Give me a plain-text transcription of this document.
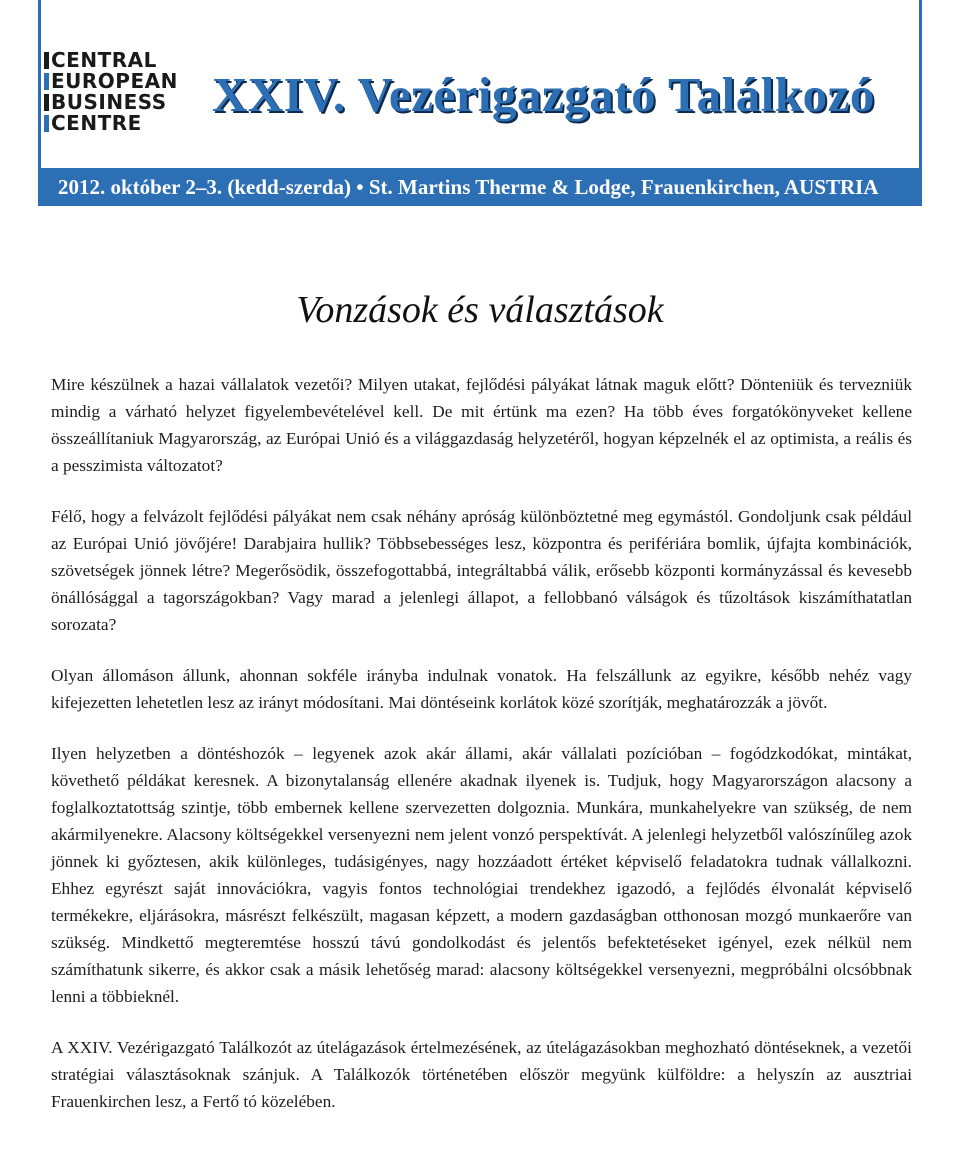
CENTRAL
EUROPEAN
BUSINESS
CENTRE
XXIV. Vezérigazgató Találkozó
2012. október 2–3. (kedd-szerda) • St. Martins Therme & Lodge, Frauenkirchen, AUSTRIA
Vonzások és választások

Mire készülnek a hazai vállalatok vezetői? Milyen utakat, fejlődési pályákat látnak maguk előtt? Dönteniük és tervezniük mindig a várható helyzet figyelembevételével kell. De mit értünk ma ezen? Ha több éves forgatókönyveket kellene összeállítaniuk Magyarország, az Európai Unió és a világgazdaság helyzetéről, hogyan képzelnék el az optimista, a reális és a pesszimista változatot?

Félő, hogy a felvázolt fejlődési pályákat nem csak néhány apróság különböztetné meg egymástól. Gondoljunk csak például az Európai Unió jövőjére! Darabjaira hullik? Többsebességes lesz, központra és perifériára bomlik, újfajta kombinációk, szövetségek jönnek létre? Megerősödik, összefogottabbá, integráltabbá válik, erősebb központi kormányzással és kevesebb önállósággal a tagországokban? Vagy marad a jelenlegi állapot, a fellobbanó válságok és tűzoltások kiszámíthatatlan sorozata?

Olyan állomáson állunk, ahonnan sokféle irányba indulnak vonatok. Ha felszállunk az egyikre, később nehéz vagy kifejezetten lehetetlen lesz az irányt módosítani. Mai döntéseink korlátok közé szorítják, meghatározzák a jövőt.

Ilyen helyzetben a döntéshozók – legyenek azok akár állami, akár vállalati pozícióban – fogódzkodókat, mintákat, követhető példákat keresnek. A bizonytalanság ellenére akadnak ilyenek is. Tudjuk, hogy Magyarországon alacsony a foglalkoztatottság szintje, több embernek kellene szervezetten dolgoznia. Munkára, munkahelyekre van szükség, de nem akármilyenekre. Alacsony költségekkel versenyezni nem jelent vonzó perspektívát. A jelenlegi helyzetből valószínűleg azok jönnek ki győztesen, akik különleges, tudásigényes, nagy hozzáadott értéket képviselő feladatokra tudnak vállalkozni. Ehhez egyrészt saját innovációkra, vagyis fontos technológiai trendekhez igazodó, a fejlődés élvonalát képviselő termékekre, eljárásokra, másrészt felkészült, magasan képzett, a modern gazdaságban otthonosan mozgó munkaerőre van szükség. Mindkettő megteremtése hosszú távú gondolkodást és jelentős befektetéseket igényel, ezek nélkül nem számíthatunk sikerre, és akkor csak a másik lehetőség marad: alacsony költségekkel versenyezni, megpróbálni olcsóbbnak lenni a többieknél.

A XXIV. Vezérigazgató Találkozót az útelágazások értelmezésének, az útelágazásokban meghozható döntéseknek, a vezetői stratégiai választásoknak szánjuk. A Találkozók történetében először megyünk külföldre: a helyszín az ausztriai Frauenkirchen lesz, a Fertő tó közelében.
